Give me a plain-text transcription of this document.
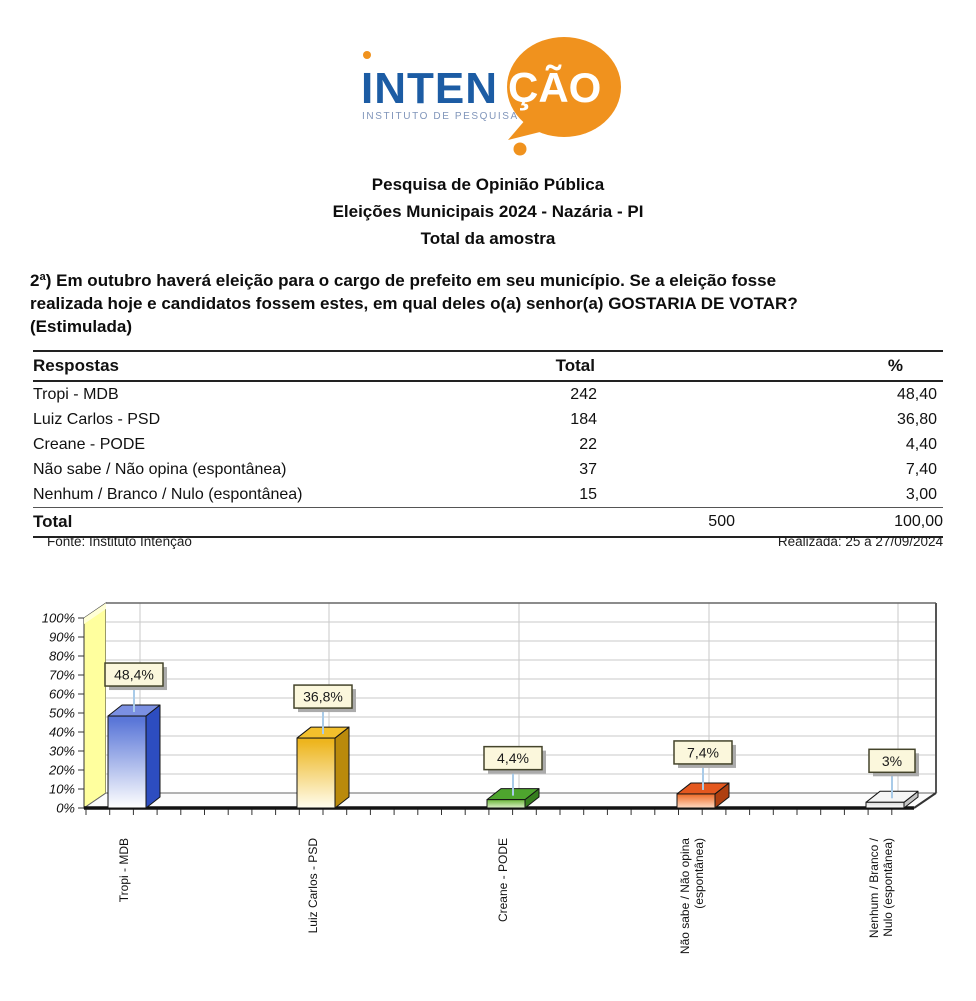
INTEN ÇÃO
INSTITUTO DE PESQUISA
Pesquisa de Opinião Pública
Eleições Municipais 2024 - Nazária - PI
Total da amostra
2ª) Em outubro haverá eleição para o cargo de prefeito em seu município. Se a eleição fosse
realizada hoje e candidatos fossem estes, em qual deles o(a) senhor(a) GOSTARIA DE VOTAR?
(Estimulada)
Respostas	Total	%
Tropi - MDB	242	48,40
Luiz Carlos - PSD	184	36,80
Creane - PODE	22	4,40
Não sabe / Não opina (espontânea)	37	7,40
Nenhum / Branco / Nulo (espontânea)	15	3,00
Total	500	100,00
Fonte: Instituto Intenção	Realizada: 25 a 27/09/2024
0%
10%
20%
30%
40%
50%
60%
70%
80%
90%
100%
48,4%
36,8%
4,4%	7,4%
3%
Tropi - MDB	Luiz Carlos - PSD	Creane - PODE	Não sabe / Não opina (espontânea)	Nenhum / Branco / Nulo (espontânea)
